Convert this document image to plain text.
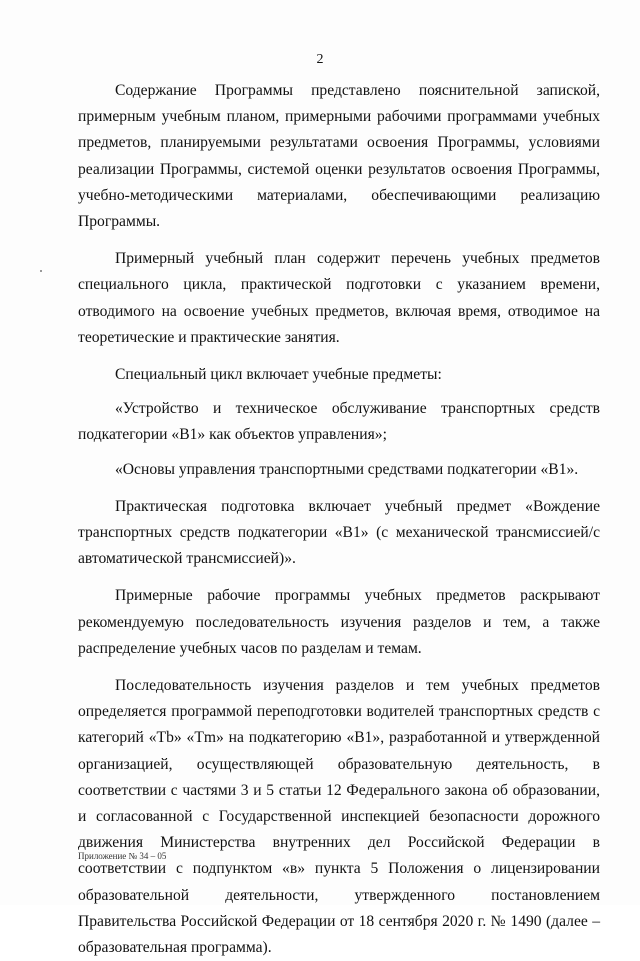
2

Содержание Программы представлено пояснительной запиской, примерным учебным планом, примерными рабочими программами учебных предметов, планируемыми результатами освоения Программы, условиями реализации Программы, системой оценки результатов освоения Программы, учебно-методическими материалами, обеспечивающими реализацию Программы.

Примерный учебный план содержит перечень учебных предметов специального цикла, практической подготовки с указанием времени, отводимого на освоение учебных предметов, включая время, отводимое на теоретические и практические занятия.

Специальный цикл включает учебные предметы:

«Устройство и техническое обслуживание транспортных средств подкатегории «B1» как объектов управления»;

«Основы управления транспортными средствами подкатегории «B1».

Практическая подготовка включает учебный предмет «Вождение транспортных средств подкатегории «B1» (с механической трансмиссией/с автоматической трансмиссией)».

Примерные рабочие программы учебных предметов раскрывают рекомендуемую последовательность изучения разделов и тем, а также распределение учебных часов по разделам и темам.

Последовательность изучения разделов и тем учебных предметов определяется программой переподготовки водителей транспортных средств с категорий «Tb» «Tm» на подкатегорию «B1», разработанной и утвержденной организацией, осуществляющей образовательную деятельность, в соответствии с частями 3 и 5 статьи 12 Федерального закона об образовании, и согласованной с Государственной инспекцией безопасности дорожного движения Министерства внутренних дел Российской Федерации в соответствии с подпунктом «в» пункта 5 Положения о лицензировании образовательной деятельности, утвержденного постановлением Правительства Российской Федерации от 18 сентября 2020 г. № 1490 (далее – образовательная программа).

Приложение № 34 – 05
